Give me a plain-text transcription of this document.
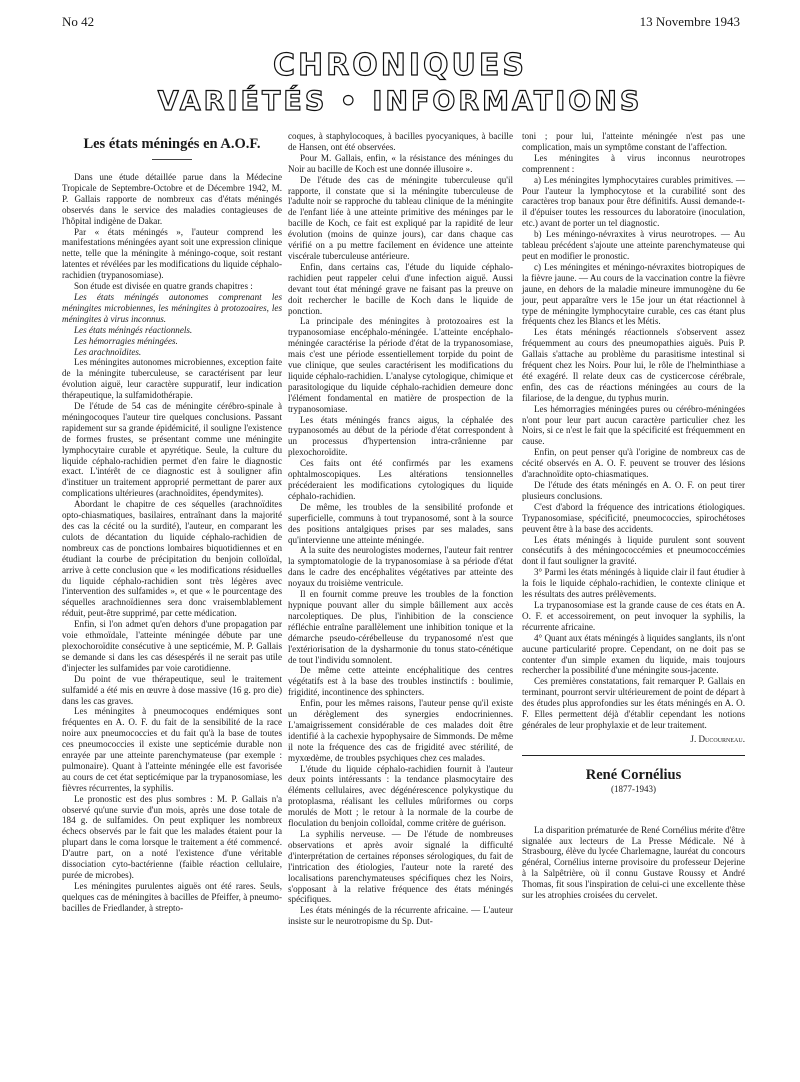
No 42	13 Novembre 1943
CHRONIQUES
VARIÉTÉS • INFORMATIONS
Les états méningés en A.O.F.

Dans une étude détaillée parue dans la Médecine Tropicale de Septembre-Octobre et de Décembre 1942, M. P. Gallais rapporte de nombreux cas d'états méningés observés dans le service des maladies contagieuses de l'hôpital indigène de Dakar.

Par « états méningés », l'auteur comprend les manifestations méningées ayant soit une expression clinique nette, telle que la méningite à méningo-coque, soit restant latentes et révélées par les modifications du liquide céphalo-rachidien (trypanosomiase).

Son étude est divisée en quatre grands chapitres :

Les états méningés autonomes comprenant les méningites microbiennes, les méningites à protozoaires, les méningites à virus inconnus.

Les états méningés réactionnels.

Les hémorragies méningées.

Les arachnoïdites.

Les méningites autonomes microbiennes, exception faite de la méningite tuberculeuse, se caractérisent par leur évolution aiguë, leur caractère suppuratif, leur indication thérapeutique, la sulfamidothérapie.

De l'étude de 54 cas de méningite cérébro-spinale à méningocoques l'auteur tire quelques conclusions. Passant rapidement sur sa grande épidémicité, il souligne l'existence de formes frustes, se présentant comme une méningite lymphocytaire curable et apyrétique. Seule, la culture du liquide céphalo-rachidien permet d'en faire le diagnostic exact. L'intérêt de ce diagnostic est à souligner afin d'instituer un traitement approprié permettant de parer aux complications ultérieures (arachnoïdites, épendymites).

Abordant le chapitre de ces séquelles (arachnoïdites opto-chiasmatiques, basilaires, entraînant dans la majorité des cas la cécité ou la surdité), l'auteur, en comparant les culots de décantation du liquide céphalo-rachidien de nombreux cas de ponctions lombaires biquotidiennes et en étudiant la courbe de précipitation du benjoin colloïdal, arrive à cette conclusion que « les modifications résiduelles du liquide céphalo-rachidien sont très légères avec l'intervention des sulfamides », et que « le pourcentage des séquelles arachnoïdiennes sera donc vraisemblablement réduit, peut-être supprimé, par cette médication.

Enfin, si l'on admet qu'en dehors d'une propagation par voie ethmoïdale, l'atteinte méningée débute par une plexochoroïdite consécutive à une septicémie, M. P. Gallais se demande si dans les cas désespérés il ne serait pas utile d'injecter les sulfamides par voie carotidienne.

Du point de vue thérapeutique, seul le traitement sulfamidé a été mis en œuvre à dose massive (16 g. pro die) dans les cas graves.

Les méningites à pneumocoques endémiques sont fréquentes en A. O. F. du fait de la sensibilité de la race noire aux pneumococcies et du fait qu'à la base de toutes ces pneumococcies il existe une septicémie durable non enrayée par une atteinte parenchymateuse (par exemple : pulmonaire). Quant à l'atteinte méningée elle est favorisée au cours de cet état septicémique par la trypanosomiase, les fièvres récurrentes, la syphilis.

Le pronostic est des plus sombres : M. P. Gallais n'a observé qu'une survie d'un mois, après une dose totale de 184 g. de sulfamides. On peut expliquer les nombreux échecs observés par le fait que les malades étaient pour la plupart dans le coma lorsque le traitement a été commencé. D'autre part, on a noté l'existence d'une véritable dissociation cyto-bactérienne (faible réaction cellulaire, purée de microbes).

Les méningites purulentes aiguës ont été rares. Seuls, quelques cas de méningites à bacilles de Pfeiffer, à pneumo-bacilles de Friedlander, à strepto-

coques, à staphylocoques, à bacilles pyocyaniques, à bacille de Hansen, ont été observées.

Pour M. Gallais, enfin, « la résistance des méninges du Noir au bacille de Koch est une donnée illusoire ».

De l'étude des cas de méningite tuberculeuse qu'il rapporte, il constate que si la méningite tuberculeuse de l'adulte noir se rapproche du tableau clinique de la méningite de l'enfant liée à une atteinte primitive des méninges par le bacille de Koch, ce fait est expliqué par la rapidité de leur évolution (moins de quinze jours), car dans chaque cas vérifié on a pu mettre facilement en évidence une atteinte viscérale tuberculeuse antérieure.

Enfin, dans certains cas, l'étude du liquide céphalo-rachidien peut rappeler celui d'une infection aiguë. Aussi devant tout état méningé grave ne faisant pas la preuve on doit rechercher le bacille de Koch dans le liquide de ponction.

La principale des méningites à protozoaires est la trypanosomiase encéphalo-méningée. L'atteinte encéphalo-méningée caractérise la période d'état de la trypanosomiase, mais c'est une période essentiellement torpide du point de vue clinique, que seules caractérisent les modifications du liquide céphalo-rachidien. L'analyse cytologique, chimique et parasitologique du liquide céphalo-rachidien demeure donc l'élément fondamental en matière de prospection de la trypanosomiase.

Les états méningés francs aigus, la céphalée des trypanosomés au début de la période d'état correspondent à un processus d'hypertension intra-crânienne par plexochoroïdite.

Ces faits ont été confirmés par les examens ophtalmoscopiques. Les altérations tensionnelles précéderaient les modifications cytologiques du liquide céphalo-rachidien.

De même, les troubles de la sensibilité profonde et superficielle, communs à tout trypanosomé, sont à la source des positions antalgiques prises par ses malades, sans qu'intervienne une atteinte méningée.

A la suite des neurologistes modernes, l'auteur fait rentrer la symptomatologie de la trypanosomiase à sa période d'état dans le cadre des encéphalites végétatives par atteinte des noyaux du troisième ventricule.

Il en fournit comme preuve les troubles de la fonction hypnique pouvant aller du simple bâillement aux accès narcoleptiques. De plus, l'inhibition de la conscience réfléchie entraîne parallèlement une inhibition tonique et la démarche pseudo-cérébelleuse du trypanosomé n'est que l'extériorisation de la dysharmonie du tonus stato-cénétique de tout l'individu somnolent.

De même cette atteinte encéphalitique des centres végétatifs est à la base des troubles instinctifs : boulimie, frigidité, incontinence des sphincters.

Enfin, pour les mêmes raisons, l'auteur pense qu'il existe un dérèglement des synergies endocriniennes. L'amaigrissement considérable de ces malades doit être identifié à la cachexie hypophysaire de Simmonds. De même il note la fréquence des cas de frigidité avec stérilité, de myxœdème, de troubles psychiques chez ces malades.

L'étude du liquide céphalo-rachidien fournit à l'auteur deux points intéressants : la tendance plasmocytaire des éléments cellulaires, avec dégénérescence polykystique du protoplasma, réalisant les cellules mûriformes ou corps morulés de Mott ; le retour à la normale de la courbe de floculation du benjoin colloïdal, comme critère de guérison.

La syphilis nerveuse. — De l'étude de nombreuses observations et après avoir signalé la difficulté d'interprétation de certaines réponses sérologiques, du fait de l'intrication des étiologies, l'auteur note la rareté des localisations parenchymateuses spécifiques chez les Noirs, s'opposant à la relative fréquence des états méningés spécifiques.

Les états méningés de la récurrente africaine. — L'auteur insiste sur le neurotropisme du Sp. Dut-

toni ; pour lui, l'atteinte méningée n'est pas une complication, mais un symptôme constant de l'affection.

Les méningites à virus inconnus neurotropes comprennent :

a) Les méningites lymphocytaires curables primitives. — Pour l'auteur la lymphocytose et la curabilité sont des caractères trop banaux pour être définitifs. Aussi demande-t-il d'épuiser toutes les ressources du laboratoire (inoculation, etc.) avant de porter un tel diagnostic.

b) Les méningo-névraxites à virus neurotropes. — Au tableau précédent s'ajoute une atteinte parenchymateuse qui peut en modifier le pronostic.

c) Les méningites et méningo-névraxites biotropiques de la fièvre jaune. — Au cours de la vaccination contre la fièvre jaune, en dehors de la maladie mineure immunogène du 6e jour, peut apparaître vers le 15e jour un état réactionnel à type de méningite lymphocytaire curable, ces cas étant plus fréquents chez les Blancs et les Métis.

Les états méningés réactionnels s'observent assez fréquemment au cours des pneumopathies aiguës. Puis P. Gallais s'attache au problème du parasitisme intestinal si fréquent chez les Noirs. Pour lui, le rôle de l'helminthiase a été exagéré. Il relate deux cas de cysticercose cérébrale, enfin, des cas de réactions méningées au cours de la filariose, de la dengue, du typhus murin.

Les hémorragies méningées pures ou cérébro-méningées n'ont pour leur part aucun caractère particulier chez les Noirs, si ce n'est le fait que la spécificité est fréquemment en cause.

Enfin, on peut penser qu'à l'origine de nombreux cas de cécité observés en A. O. F. peuvent se trouver des lésions d'arachnoïdite opto-chiasmatiques.

De l'étude des états méningés en A. O. F. on peut tirer plusieurs conclusions.

C'est d'abord la fréquence des intrications étiologiques. Trypanosomiase, spécificité, pneumococcies, spirochétoses peuvent être à la base des accidents.

Les états méningés à liquide purulent sont souvent consécutifs à des méningococcémies et pneumococcémies dont il faut souligner la gravité.

3° Parmi les états méningés à liquide clair il faut étudier à la fois le liquide céphalo-rachidien, le contexte clinique et les résultats des autres prélèvements.

La trypanosomiase est la grande cause de ces états en A. O. F. et accessoirement, on peut invoquer la syphilis, la récurrente africaine.

4° Quant aux états méningés à liquides sanglants, ils n'ont aucune particularité propre. Cependant, on ne doit pas se contenter d'un simple examen du liquide, mais toujours rechercher la possibilité d'une méningite sous-jacente.

Ces premières constatations, fait remarquer P. Gallais en terminant, pourront servir ultérieurement de point de départ à des études plus approfondies sur les états méningés en A. O. F. Elles permettent déjà d'établir cependant les notions générales de leur prophylaxie et de leur traitement.

J. Ducourneau.
René Cornélius
(1877-1943)

La disparition prématurée de René Cornélius mérite d'être signalée aux lecteurs de La Presse Médicale. Né à Strasbourg, élève du lycée Charlemagne, lauréat du concours général, Cornélius interne provisoire du professeur Dejerine à la Salpêtrière, où il connu Gustave Roussy et André Thomas, fit sous l'inspiration de celui-ci une excellente thèse sur les atrophies croisées du cervelet.
